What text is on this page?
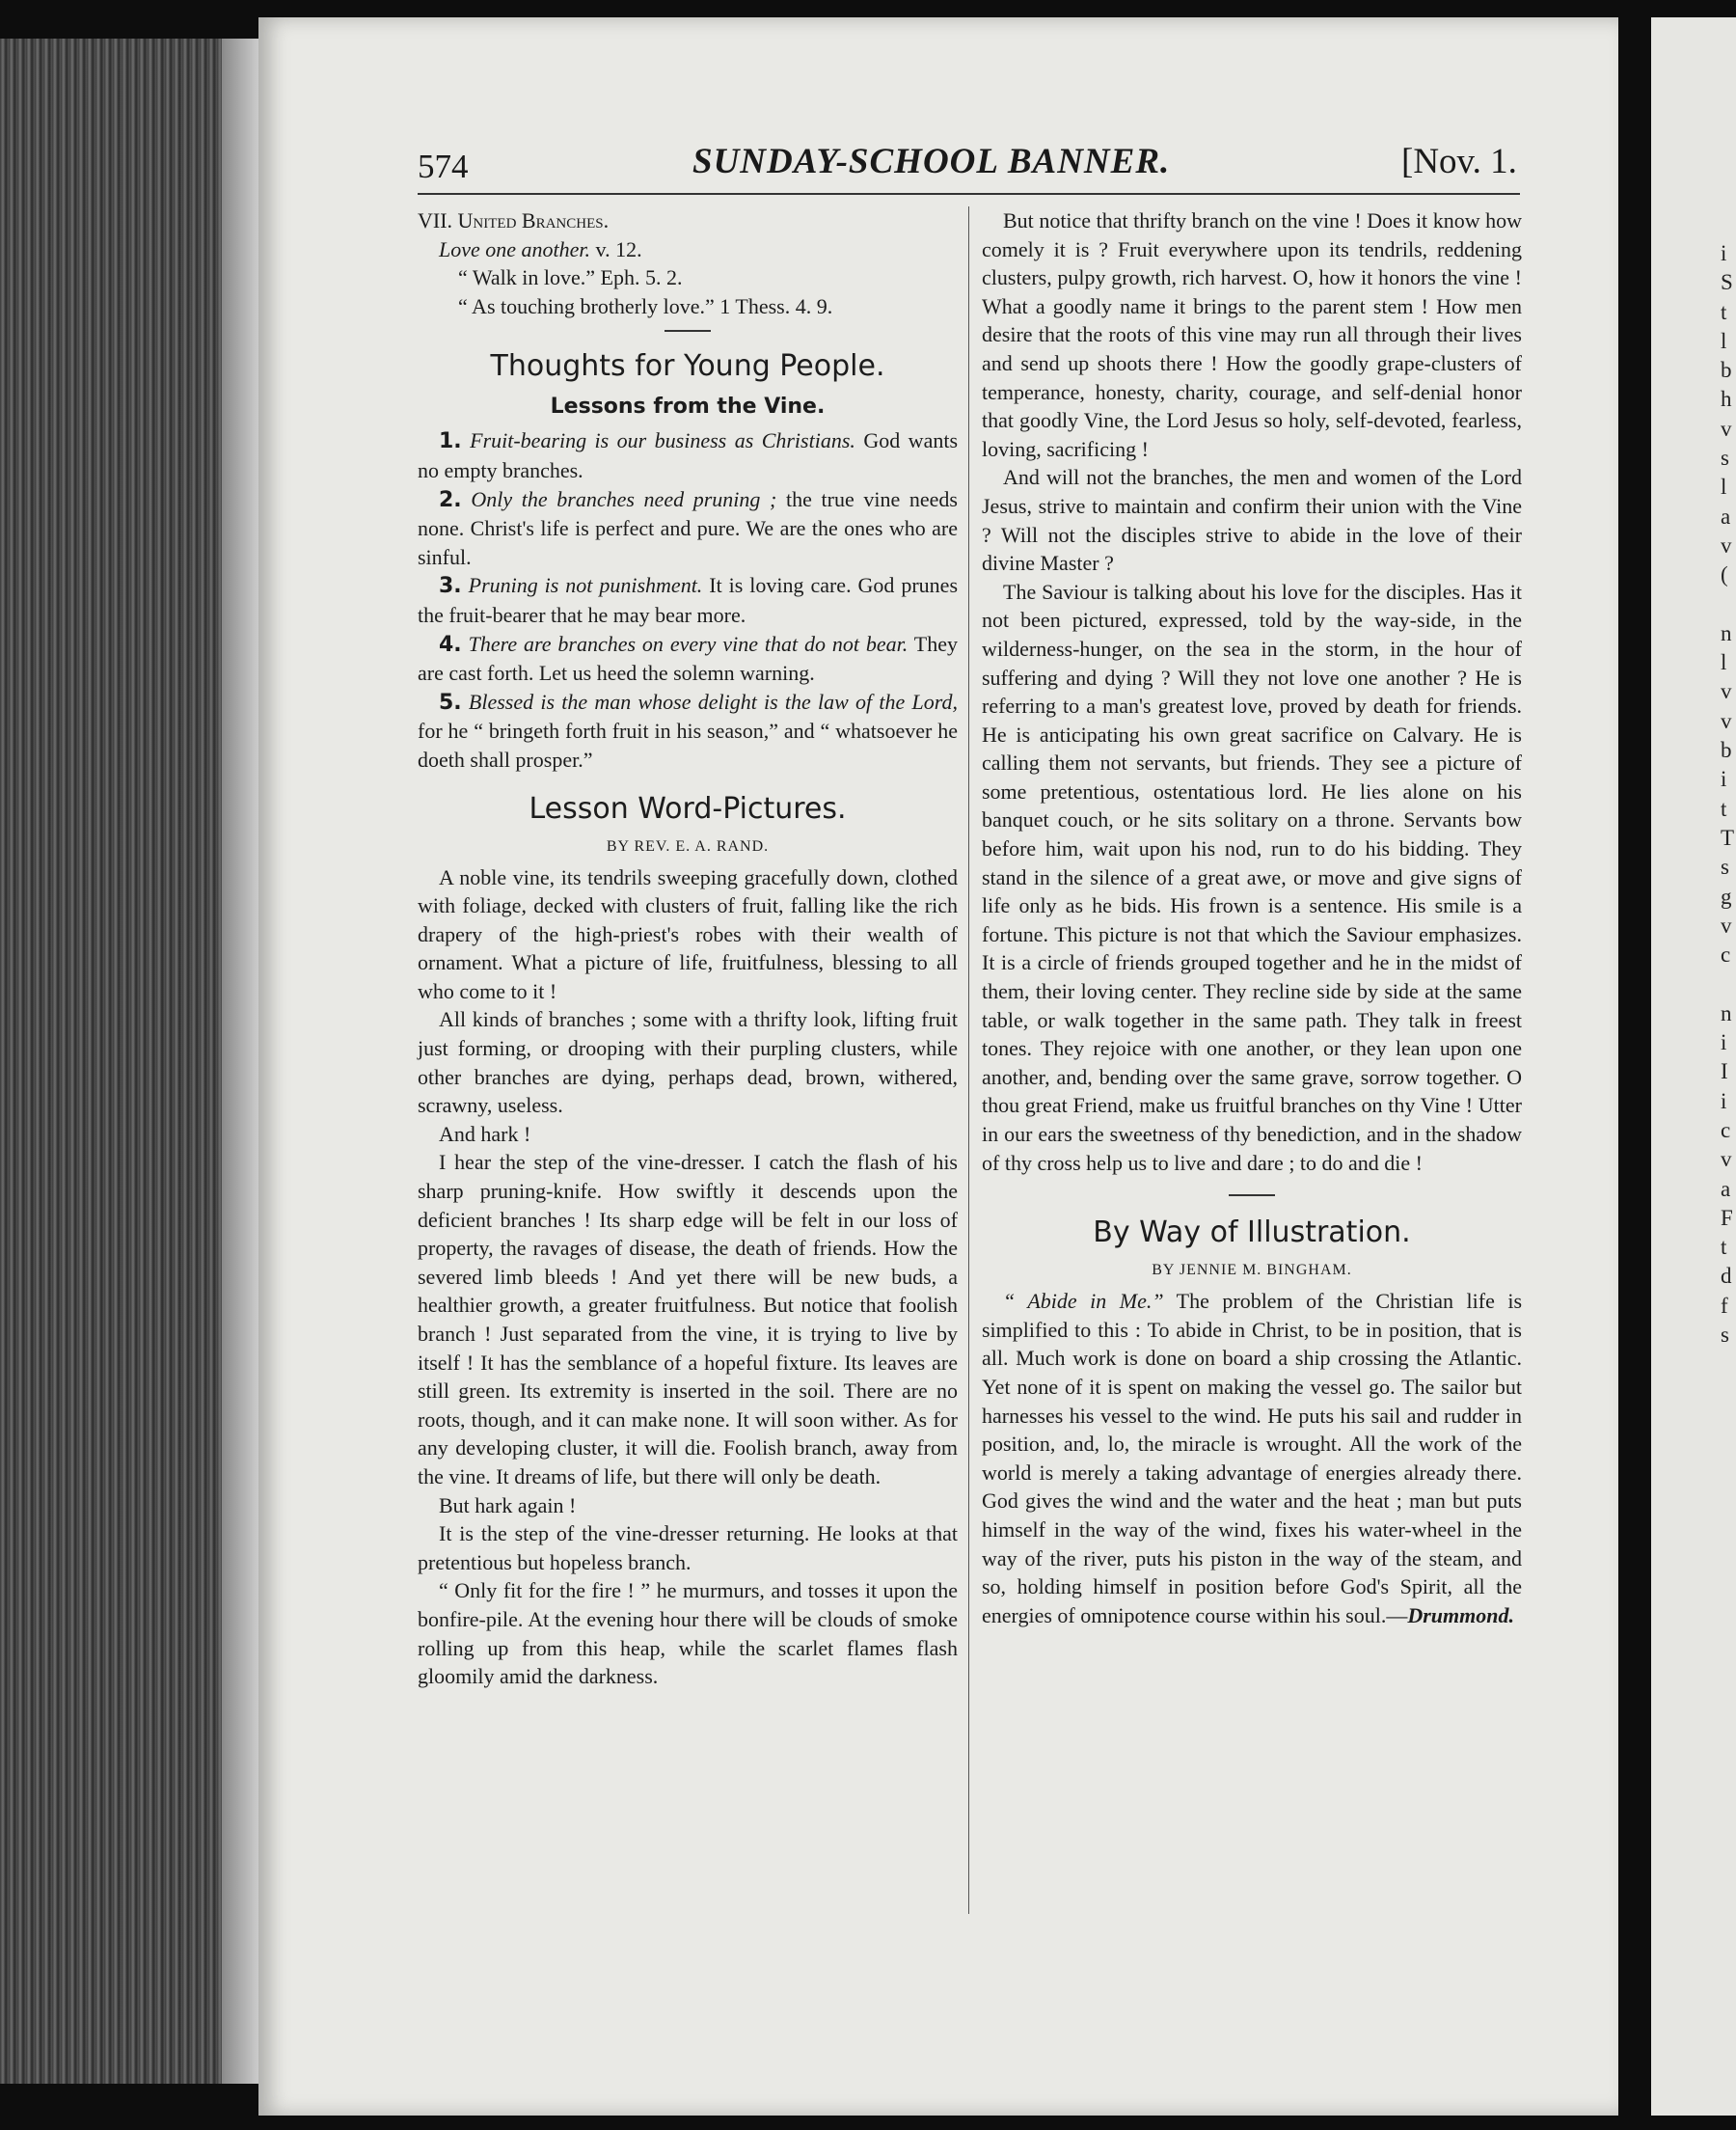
i
S
t
l
b
h
v
s
l
a
v
(
n
l
v
v
b
i
t
T
s
g
v
c
n
i
I
i
c
v
a
F
t
d
f
s
574	SUNDAY-SCHOOL BANNER.	[Nov. 1.

VII. United Branches.

Love one another. v. 12.

“ Walk in love.” Eph. 5. 2.

“ As touching brotherly love.” 1 Thess. 4. 9.

Thoughts for Young People.
Lessons from the Vine.

1. Fruit-bearing is our business as Christians. God wants no empty branches.

2. Only the branches need pruning ; the true vine needs none. Christ's life is perfect and pure. We are the ones who are sinful.

3. Pruning is not punishment. It is loving care. God prunes the fruit-bearer that he may bear more.

4. There are branches on every vine that do not bear. They are cast forth. Let us heed the solemn warning.

5. Blessed is the man whose delight is the law of the Lord, for he “ bringeth forth fruit in his season,” and “ whatsoever he doeth shall prosper.”

Lesson Word-Pictures.
BY REV. E. A. RAND.

A noble vine, its tendrils sweeping gracefully down, clothed with foliage, decked with clusters of fruit, falling like the rich drapery of the high-priest's robes with their wealth of ornament. What a picture of life, fruitfulness, blessing to all who come to it !

All kinds of branches ; some with a thrifty look, lifting fruit just forming, or drooping with their purpling clusters, while other branches are dying, perhaps dead, brown, withered, scrawny, useless.

And hark !

I hear the step of the vine-dresser. I catch the flash of his sharp pruning-knife. How swiftly it descends upon the deficient branches ! Its sharp edge will be felt in our loss of property, the ravages of disease, the death of friends. How the severed limb bleeds ! And yet there will be new buds, a healthier growth, a greater fruitfulness. But notice that foolish branch ! Just separated from the vine, it is trying to live by itself ! It has the semblance of a hopeful fixture. Its leaves are still green. Its extremity is inserted in the soil. There are no roots, though, and it can make none. It will soon wither. As for any developing cluster, it will die. Foolish branch, away from the vine. It dreams of life, but there will only be death.

But hark again !

It is the step of the vine-dresser returning. He looks at that pretentious but hopeless branch.

“ Only fit for the fire ! ” he murmurs, and tosses it upon the bonfire-pile. At the evening hour there will be clouds of smoke rolling up from this heap, while the scarlet flames flash gloomily amid the darkness.

But notice that thrifty branch on the vine ! Does it know how comely it is ? Fruit everywhere upon its tendrils, reddening clusters, pulpy growth, rich harvest. O, how it honors the vine ! What a goodly name it brings to the parent stem ! How men desire that the roots of this vine may run all through their lives and send up shoots there ! How the goodly grape-clusters of temperance, honesty, charity, courage, and self-denial honor that goodly Vine, the Lord Jesus so holy, self-devoted, fearless, loving, sacrificing !

And will not the branches, the men and women of the Lord Jesus, strive to maintain and confirm their union with the Vine ? Will not the disciples strive to abide in the love of their divine Master ?

The Saviour is talking about his love for the disciples. Has it not been pictured, expressed, told by the way-side, in the wilderness-hunger, on the sea in the storm, in the hour of suffering and dying ? Will they not love one another ? He is referring to a man's greatest love, proved by death for friends. He is anticipating his own great sacrifice on Calvary. He is calling them not servants, but friends. They see a picture of some pretentious, ostentatious lord. He lies alone on his banquet couch, or he sits solitary on a throne. Servants bow before him, wait upon his nod, run to do his bidding. They stand in the silence of a great awe, or move and give signs of life only as he bids. His frown is a sentence. His smile is a fortune. This picture is not that which the Saviour emphasizes. It is a circle of friends grouped together and he in the midst of them, their loving center. They recline side by side at the same table, or walk together in the same path. They talk in freest tones. They rejoice with one another, or they lean upon one another, and, bending over the same grave, sorrow together. O thou great Friend, make us fruitful branches on thy Vine ! Utter in our ears the sweetness of thy benediction, and in the shadow of thy cross help us to live and dare ; to do and die !

By Way of Illustration.
BY JENNIE M. BINGHAM.

“ Abide in Me.” The problem of the Christian life is simplified to this : To abide in Christ, to be in position, that is all. Much work is done on board a ship crossing the Atlantic. Yet none of it is spent on making the vessel go. The sailor but harnesses his vessel to the wind. He puts his sail and rudder in position, and, lo, the miracle is wrought. All the work of the world is merely a taking advantage of energies already there. God gives the wind and the water and the heat ; man but puts himself in the way of the wind, fixes his water-wheel in the way of the river, puts his piston in the way of the steam, and so, holding himself in position before God's Spirit, all the energies of omnipotence course within his soul.—Drummond.
